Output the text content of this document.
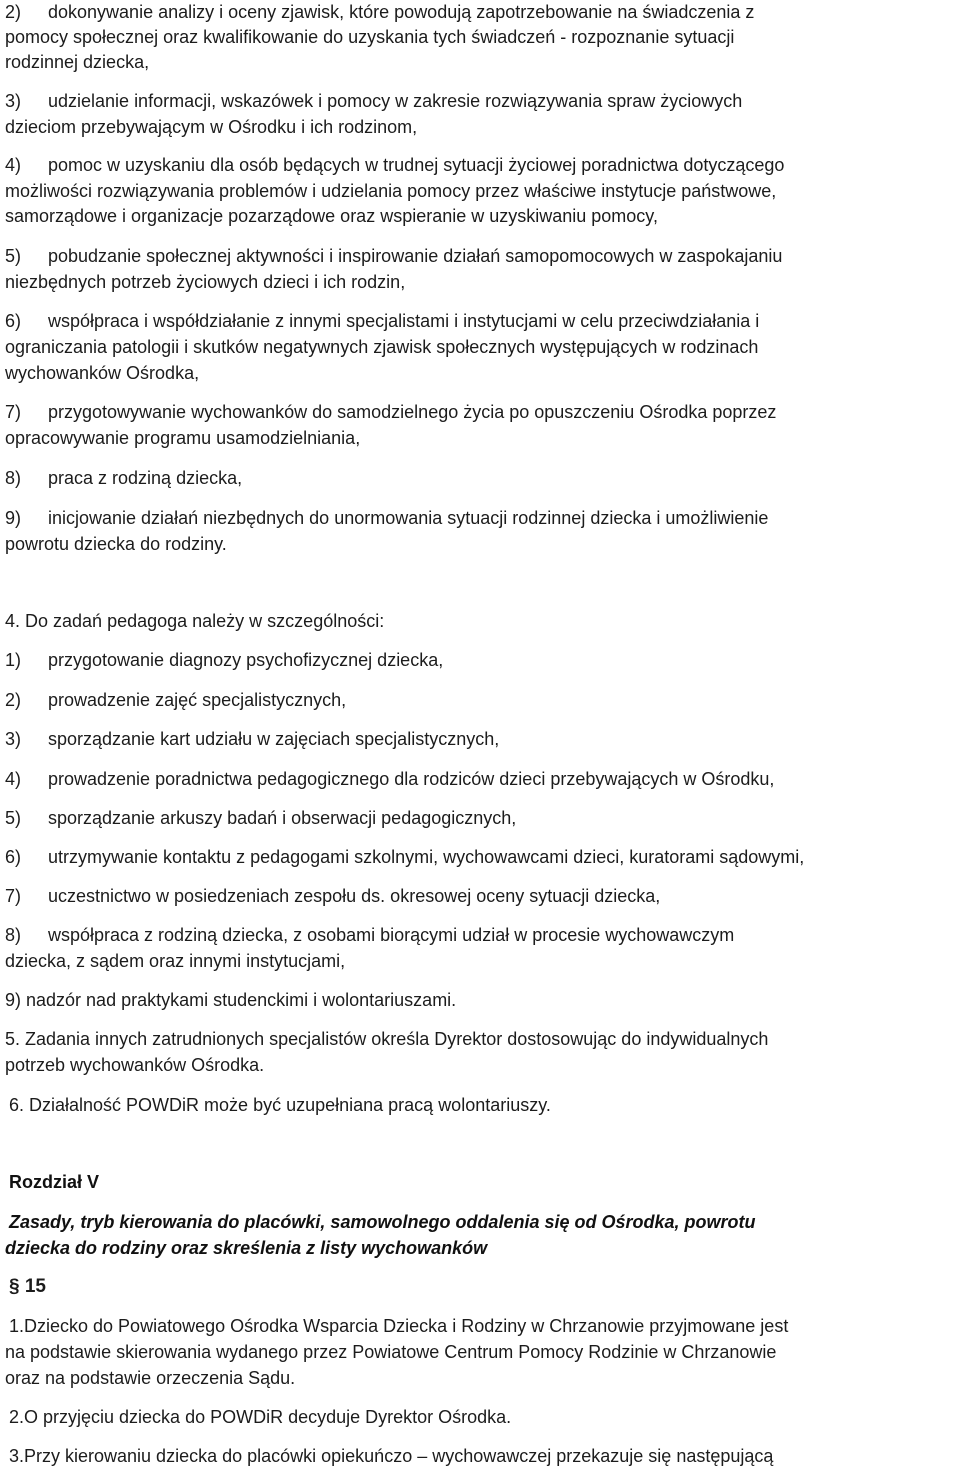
2) dokonywanie analizy i oceny zjawisk, które powodują zapotrzebowanie na świadczenia z

pomocy społecznej oraz kwalifikowanie do uzyskania tych świadczeń - rozpoznanie sytuacji

rodzinnej dziecka,

3) udzielanie informacji, wskazówek i pomocy w zakresie rozwiązywania spraw życiowych

dzieciom przebywającym w Ośrodku i ich rodzinom,

4) pomoc w uzyskaniu dla osób będących w trudnej sytuacji życiowej poradnictwa dotyczącego

możliwości rozwiązywania problemów i udzielania pomocy przez właściwe instytucje państwowe,

samorządowe i organizacje pozarządowe oraz wspieranie w uzyskiwaniu pomocy,

5) pobudzanie społecznej aktywności i inspirowanie działań samopomocowych w zaspokajaniu

niezbędnych potrzeb życiowych dzieci i ich rodzin,

6) współpraca i współdziałanie z innymi specjalistami i instytucjami w celu przeciwdziałania i

ograniczania patologii i skutków negatywnych zjawisk społecznych występujących w rodzinach

wychowanków Ośrodka,

7) przygotowywanie wychowanków do samodzielnego życia po opuszczeniu Ośrodka poprzez

opracowywanie programu usamodzielniania,

8) praca z rodziną dziecka,

9) inicjowanie działań niezbędnych do unormowania sytuacji rodzinnej dziecka i umożliwienie

powrotu dziecka do rodziny.

4. Do zadań pedagoga należy w szczególności:

1) przygotowanie diagnozy psychofizycznej dziecka,

2) prowadzenie zajęć specjalistycznych,

3) sporządzanie kart udziału w zajęciach specjalistycznych,

4) prowadzenie poradnictwa pedagogicznego dla rodziców dzieci przebywających w Ośrodku,

5) sporządzanie arkuszy badań i obserwacji pedagogicznych,

6) utrzymywanie kontaktu z pedagogami szkolnymi, wychowawcami dzieci, kuratorami sądowymi,

7) uczestnictwo w posiedzeniach zespołu ds. okresowej oceny sytuacji dziecka,

8) współpraca z rodziną dziecka, z osobami biorącymi udział w procesie wychowawczym

dziecka, z sądem oraz innymi instytucjami,

9) nadzór nad praktykami studenckimi i wolontariuszami.

5. Zadania innych zatrudnionych specjalistów określa Dyrektor dostosowując do indywidualnych

potrzeb wychowanków Ośrodka.

6. Działalność POWDiR może być uzupełniana pracą wolontariuszy.

Rozdział V

Zasady, tryb kierowania do placówki, samowolnego oddalenia się od Ośrodka, powrotu

dziecka do rodziny oraz skreślenia z listy wychowanków

§ 15

1.Dziecko do Powiatowego Ośrodka Wsparcia Dziecka i Rodziny w Chrzanowie przyjmowane jest

na podstawie skierowania wydanego przez Powiatowe Centrum Pomocy Rodzinie w Chrzanowie

oraz na podstawie orzeczenia Sądu.

2.O przyjęciu dziecka do POWDiR decyduje Dyrektor Ośrodka.

3.Przy kierowaniu dziecka do placówki opiekuńczo – wychowawczej przekazuje się następującą
